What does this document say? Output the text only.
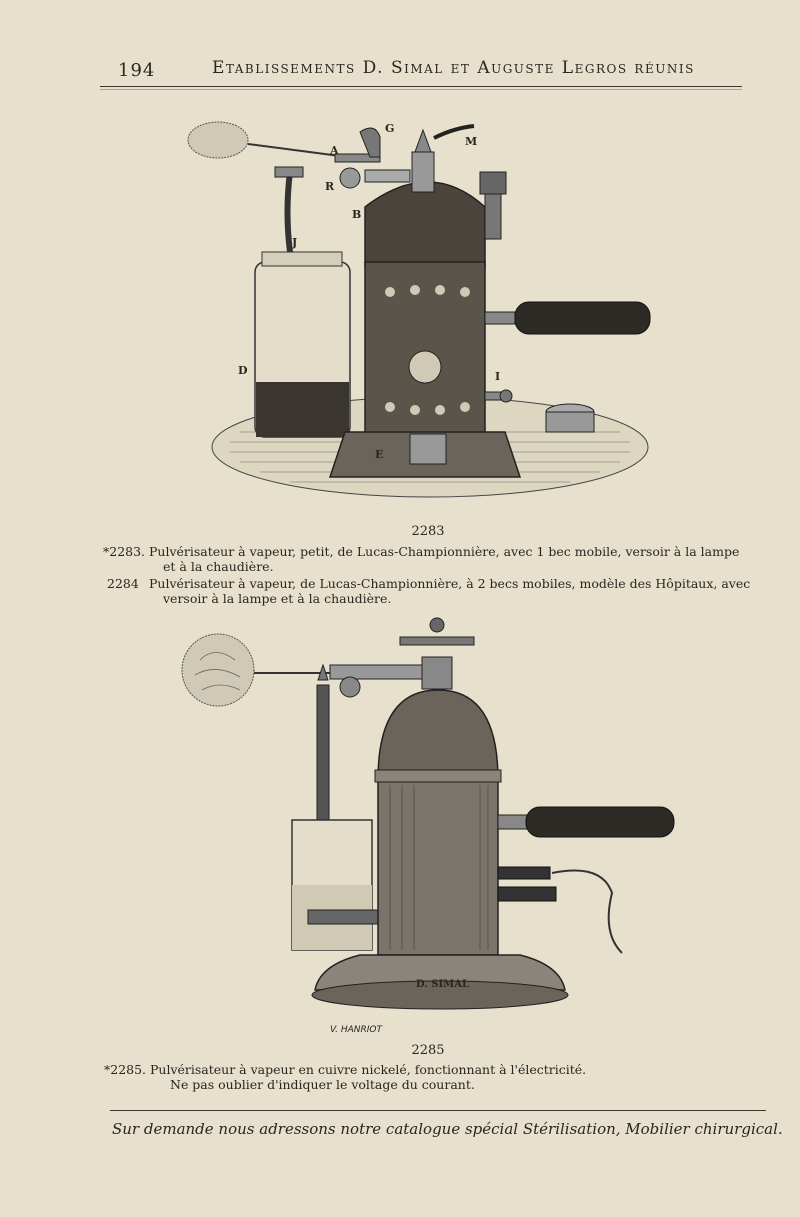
194	Etablissements D. Simal et Auguste Legros réunis
A
G
M
R
B
J
D	I
E
2283
*2283. Pulvérisateur à vapeur, petit, de Lucas-Championnière, avec 1 bec mobile, versoir à la lampe
et à la chaudière.
2284 Pulvérisateur à vapeur, de Lucas-Championnière, à 2 becs mobiles, modèle des Hôpitaux, avec
versoir à la lampe et à la chaudière.
D. SIMAL
V. HANRIOT
2285
*2285. Pulvérisateur à vapeur en cuivre nickelé, fonctionnant à l'électricité.
Ne pas oublier d'indiquer le voltage du courant.
Sur demande nous adressons notre catalogue spécial Stérilisation, Mobilier chirurgical.
